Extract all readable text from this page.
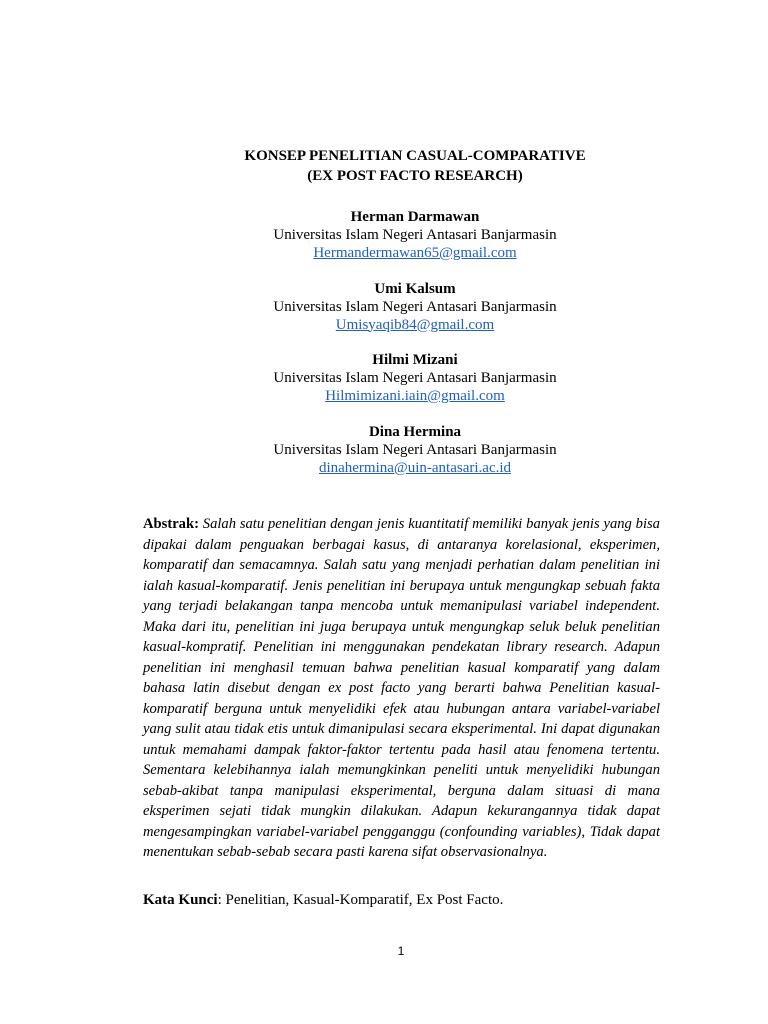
KONSEP PENELITIAN CASUAL-COMPARATIVE
(EX POST FACTO RESEARCH)
Herman Darmawan
Universitas Islam Negeri Antasari Banjarmasin
Hermandermawan65@gmail.com
Umi Kalsum
Universitas Islam Negeri Antasari Banjarmasin
Umisyaqib84@gmail.com
Hilmi Mizani
Universitas Islam Negeri Antasari Banjarmasin
Hilmimizani.iain@gmail.com
Dina Hermina
Universitas Islam Negeri Antasari Banjarmasin
dinahermina@uin-antasari.ac.id
Abstrak: Salah satu penelitian dengan jenis kuantitatif memiliki banyak jenis yang bisa dipakai dalam penguakan berbagai kasus, di antaranya korelasional, eksperimen, komparatif dan semacamnya. Salah satu yang menjadi perhatian dalam penelitian ini ialah kasual-komparatif. Jenis penelitian ini berupaya untuk mengungkap sebuah fakta yang terjadi belakangan tanpa mencoba untuk memanipulasi variabel independent. Maka dari itu, penelitian ini juga berupaya untuk mengungkap seluk beluk penelitian kasual-kompratif. Penelitian ini menggunakan pendekatan library research. Adapun penelitian ini menghasil temuan bahwa penelitian kasual komparatif yang dalam bahasa latin disebut dengan ex post facto yang berarti bahwa Penelitian kasual-komparatif berguna untuk menyelidiki efek atau hubungan antara variabel-variabel yang sulit atau tidak etis untuk dimanipulasi secara eksperimental. Ini dapat digunakan untuk memahami dampak faktor-faktor tertentu pada hasil atau fenomena tertentu. Sementara kelebihannya ialah memungkinkan peneliti untuk menyelidiki hubungan sebab-akibat tanpa manipulasi eksperimental, berguna dalam situasi di mana eksperimen sejati tidak mungkin dilakukan. Adapun kekurangannya tidak dapat mengesampingkan variabel-variabel pengganggu (confounding variables), Tidak dapat menentukan sebab-sebab secara pasti karena sifat observasionalnya.
Kata Kunci: Penelitian, Kasual-Komparatif, Ex Post Facto.
1
